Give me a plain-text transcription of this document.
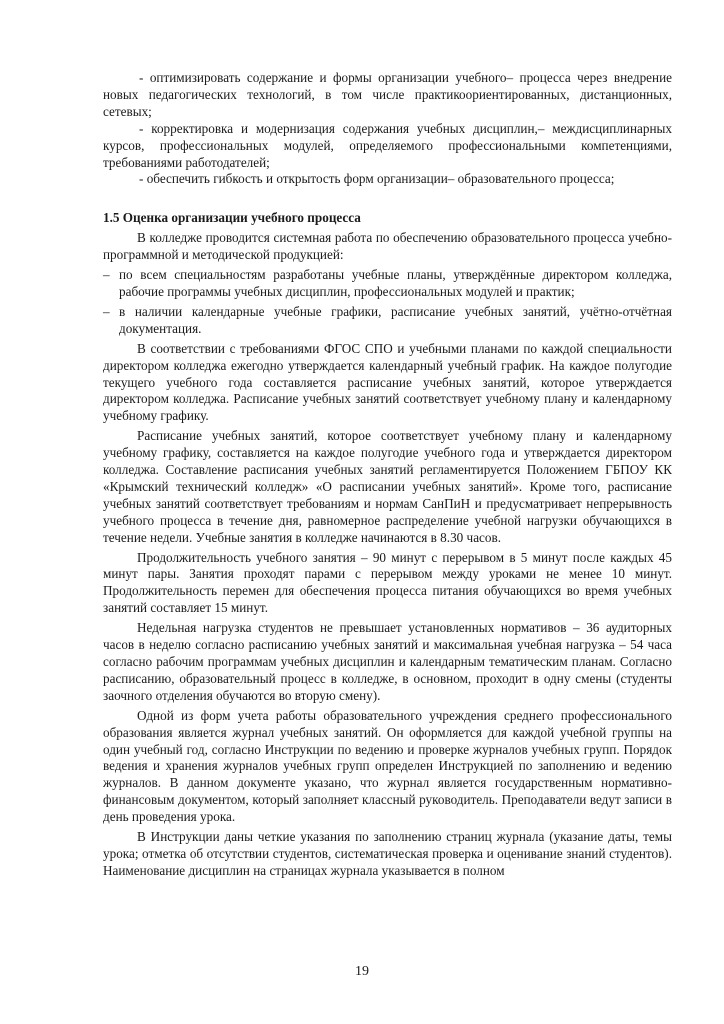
- оптимизировать содержание и формы организации учебного– процесса через внедрение новых педагогических технологий, в том числе практикоориентированных, дистанционных, сетевых;

- корректировка и модернизация содержания учебных дисциплин,– междисциплинарных курсов, профессиональных модулей, определяемого профессиональными компетенциями, требованиями работодателей;

- обеспечить гибкость и открытость форм организации– образовательного процесса;

1.5 Оценка организации учебного процесса

В колледже проводится системная работа по обеспечению образовательного процесса учебно-программной и методической продукцией:

– по всем специальностям разработаны учебные планы, утверждённые директором колледжа, рабочие программы учебных дисциплин, профессиональных модулей и практик;

– в наличии календарные учебные графики, расписание учебных занятий, учётно-отчётная документация.

В соответствии с требованиями ФГОС СПО и учебными планами по каждой специальности директором колледжа ежегодно утверждается календарный учебный график. На каждое полугодие текущего учебного года составляется расписание учебных занятий, которое утверждается директором колледжа. Расписание учебных занятий соответствует учебному плану и календарному учебному графику.

Расписание учебных занятий, которое соответствует учебному плану и календарному учебному графику, составляется на каждое полугодие учебного года и утверждается директором колледжа. Составление расписания учебных занятий регламентируется Положением ГБПОУ КК «Крымский технический колледж» «О расписании учебных занятий». Кроме того, расписание учебных занятий соответствует требованиям и нормам СанПиН и предусматривает непрерывность учебного процесса в течение дня, равномерное распределение учебной нагрузки обучающихся в течение недели. Учебные занятия в колледже начинаются в 8.30 часов.

Продолжительность учебного занятия – 90 минут с перерывом в 5 минут после каждых 45 минут пары. Занятия проходят парами с перерывом между уроками не менее 10 минут. Продолжительность перемен для обеспечения процесса питания обучающихся во время учебных занятий составляет 15 минут.

Недельная нагрузка студентов не превышает установленных нормативов – 36 аудиторных часов в неделю согласно расписанию учебных занятий и максимальная учебная нагрузка – 54 часа согласно рабочим программам учебных дисциплин и календарным тематическим планам. Согласно расписанию, образовательный процесс в колледже, в основном, проходит в одну смены (студенты заочного отделения обучаются во вторую смену).

Одной из форм учета работы образовательного учреждения среднего профессионального образования является журнал учебных занятий. Он оформляется для каждой учебной группы на один учебный год, согласно Инструкции по ведению и проверке журналов учебных групп. Порядок ведения и хранения журналов учебных групп определен Инструкцией по заполнению и ведению журналов. В данном документе указано, что журнал является государственным нормативно-финансовым документом, который заполняет классный руководитель. Преподаватели ведут записи в день проведения урока.

В Инструкции даны четкие указания по заполнению страниц журнала (указание даты, темы урока; отметка об отсутствии студентов, систематическая проверка и оценивание знаний студентов). Наименование дисциплин на страницах журнала указывается в полном

19
